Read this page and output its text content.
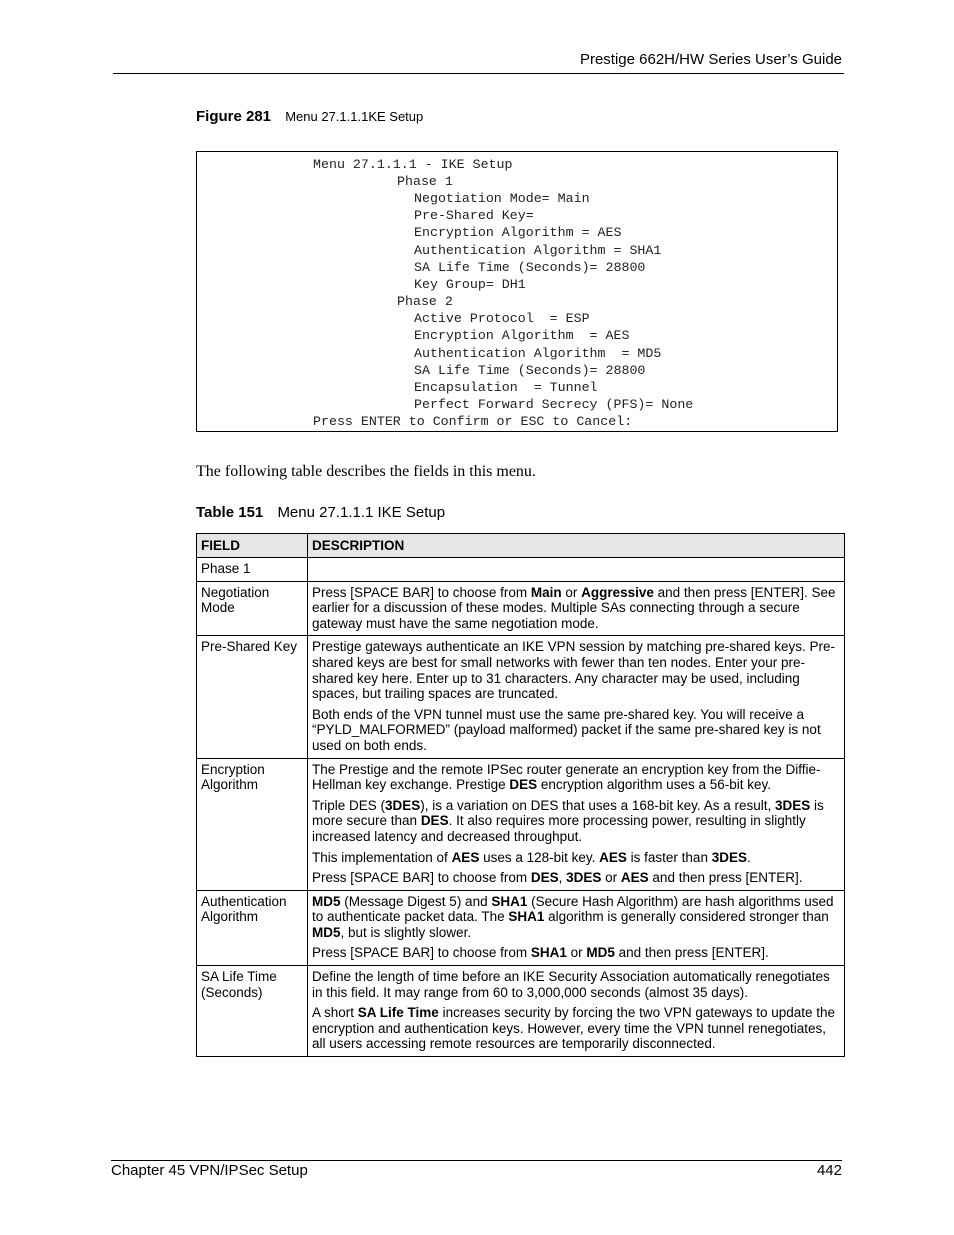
Prestige 662H/HW Series User’s Guide
Figure 281 Menu 27.1.1.1KE Setup
Menu 27.1.1.1 - IKE Setup
Phase 1
Negotiation Mode= Main
Pre-Shared Key=
Encryption Algorithm = AES
Authentication Algorithm = SHA1
SA Life Time (Seconds)= 28800
Key Group= DH1
Phase 2
Active Protocol  = ESP
Encryption Algorithm  = AES
Authentication Algorithm  = MD5
SA Life Time (Seconds)= 28800
Encapsulation  = Tunnel
Perfect Forward Secrecy (PFS)= None
Press ENTER to Confirm or ESC to Cancel:
The following table describes the fields in this menu.
Table 151 Menu 27.1.1.1 IKE Setup
FIELD	DESCRIPTION
Phase 1	
Negotiation Mode	Press [SPACE BAR] to choose from Main or Aggressive and then press [ENTER]. See earlier for a discussion of these modes. Multiple SAs connecting through a secure gateway must have the same negotiation mode.

Pre-Shared Key	Prestige gateways authenticate an IKE VPN session by matching pre-shared keys. Pre-shared keys are best for small networks with fewer than ten nodes. Enter your pre-shared key here. Enter up to 31 characters. Any character may be used, including spaces, but trailing spaces are truncated.

Both ends of the VPN tunnel must use the same pre-shared key. You will receive a “PYLD_MALFORMED” (payload malformed) packet if the same pre-shared key is not used on both ends.

Encryption Algorithm	The Prestige and the remote IPSec router generate an encryption key from the Diffie-Hellman key exchange. Prestige DES encryption algorithm uses a 56-bit key.

Triple DES (3DES), is a variation on DES that uses a 168-bit key. As a result, 3DES is more secure than DES. It also requires more processing power, resulting in slightly increased latency and decreased throughput.

This implementation of AES uses a 128-bit key. AES is faster than 3DES.

Press [SPACE BAR] to choose from DES, 3DES or AES and then press [ENTER].

Authentication Algorithm	MD5 (Message Digest 5) and SHA1 (Secure Hash Algorithm) are hash algorithms used to authenticate packet data. The SHA1 algorithm is generally considered stronger than MD5, but is slightly slower.

Press [SPACE BAR] to choose from SHA1 or MD5 and then press [ENTER].

SA Life Time (Seconds)	Define the length of time before an IKE Security Association automatically renegotiates in this field. It may range from 60 to 3,000,000 seconds (almost 35 days).

A short SA Life Time increases security by forcing the two VPN gateways to update the encryption and authentication keys. However, every time the VPN tunnel renegotiates, all users accessing remote resources are temporarily disconnected.

Chapter 45 VPN/IPSec Setup	442
